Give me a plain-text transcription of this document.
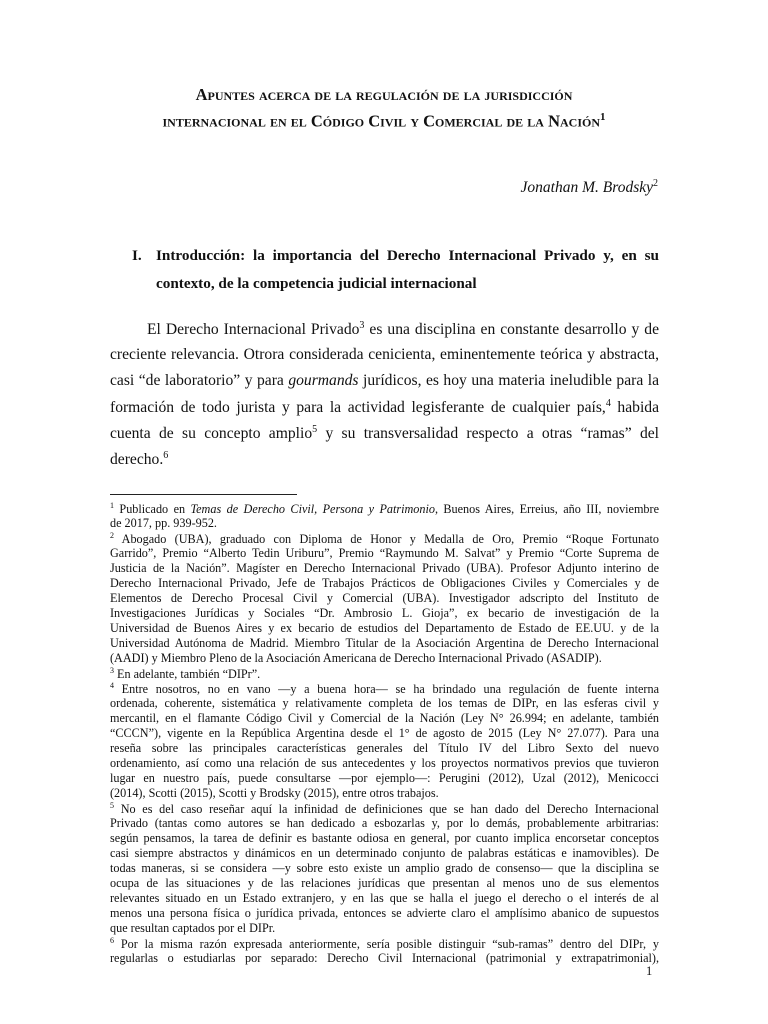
Apuntes acerca de la regulación de la jurisdicción
internacional en el Código Civil y Comercial de la Nación$^1$
Jonathan M. Brodsky$^2$
I. Introducción: la importancia del Derecho Internacional Privado y, en su
contexto, de la competencia judicial internacional
El Derecho Internacional Privado$^3$ es una disciplina en constante desarrollo y de
creciente relevancia. Otrora considerada cenicienta, eminentemente teórica y abstracta,
casi “de laboratorio” y para gourmands jurídicos, es hoy una materia ineludible para la
formación de todo jurista y para la actividad legisferante de cualquier país,$^4$ habida
cuenta de su concepto amplio$^5$ y su transversalidad respecto a otras “ramas” del
derecho.$^6$
$^1$ Publicado en Temas de Derecho Civil, Persona y Patrimonio, Buenos Aires, Erreius, año III, noviembre
de 2017, pp. 939-952.
$^2$ Abogado (UBA), graduado con Diploma de Honor y Medalla de Oro, Premio “Roque Fortunato
Garrido”, Premio “Alberto Tedin Uriburu”, Premio “Raymundo M. Salvat” y Premio “Corte Suprema de
Justicia de la Nación”. Magíster en Derecho Internacional Privado (UBA). Profesor Adjunto interino de
Derecho Internacional Privado, Jefe de Trabajos Prácticos de Obligaciones Civiles y Comerciales y de
Elementos de Derecho Procesal Civil y Comercial (UBA). Investigador adscripto del Instituto de
Investigaciones Jurídicas y Sociales “Dr. Ambrosio L. Gioja”, ex becario de investigación de la
Universidad de Buenos Aires y ex becario de estudios del Departamento de Estado de EE.UU. y de la
Universidad Autónoma de Madrid. Miembro Titular de la Asociación Argentina de Derecho Internacional
(AADI) y Miembro Pleno de la Asociación Americana de Derecho Internacional Privado (ASADIP).
$^3$ En adelante, también “DIPr”.
$^4$ Entre nosotros, no en vano —y a buena hora— se ha brindado una regulación de fuente interna
ordenada, coherente, sistemática y relativamente completa de los temas de DIPr, en las esferas civil y
mercantil, en el flamante Código Civil y Comercial de la Nación (Ley N° 26.994; en adelante, también
“CCCN”), vigente en la República Argentina desde el 1° de agosto de 2015 (Ley N° 27.077). Para una
reseña sobre las principales características generales del Título IV del Libro Sexto del nuevo
ordenamiento, así como una relación de sus antecedentes y los proyectos normativos previos que tuvieron
lugar en nuestro país, puede consultarse —por ejemplo—: Perugini (2012), Uzal (2012), Menicocci
(2014), Scotti (2015), Scotti y Brodsky (2015), entre otros trabajos.
$^5$ No es del caso reseñar aquí la infinidad de definiciones que se han dado del Derecho Internacional
Privado (tantas como autores se han dedicado a esbozarlas y, por lo demás, probablemente arbitrarias:
según pensamos, la tarea de definir es bastante odiosa en general, por cuanto implica encorsetar conceptos
casi siempre abstractos y dinámicos en un determinado conjunto de palabras estáticas e inamovibles). De
todas maneras, si se considera —y sobre esto existe un amplio grado de consenso— que la disciplina se
ocupa de las situaciones y de las relaciones jurídicas que presentan al menos uno de sus elementos
relevantes situado en un Estado extranjero, y en las que se halla el juego el derecho o el interés de al
menos una persona física o jurídica privada, entonces se advierte claro el amplísimo abanico de supuestos
que resultan captados por el DIPr.
$^6$ Por la misma razón expresada anteriormente, sería posible distinguir “sub-ramas” dentro del DIPr, y
regularlas o estudiarlas por separado: Derecho Civil Internacional (patrimonial y extrapatrimonial),
1
